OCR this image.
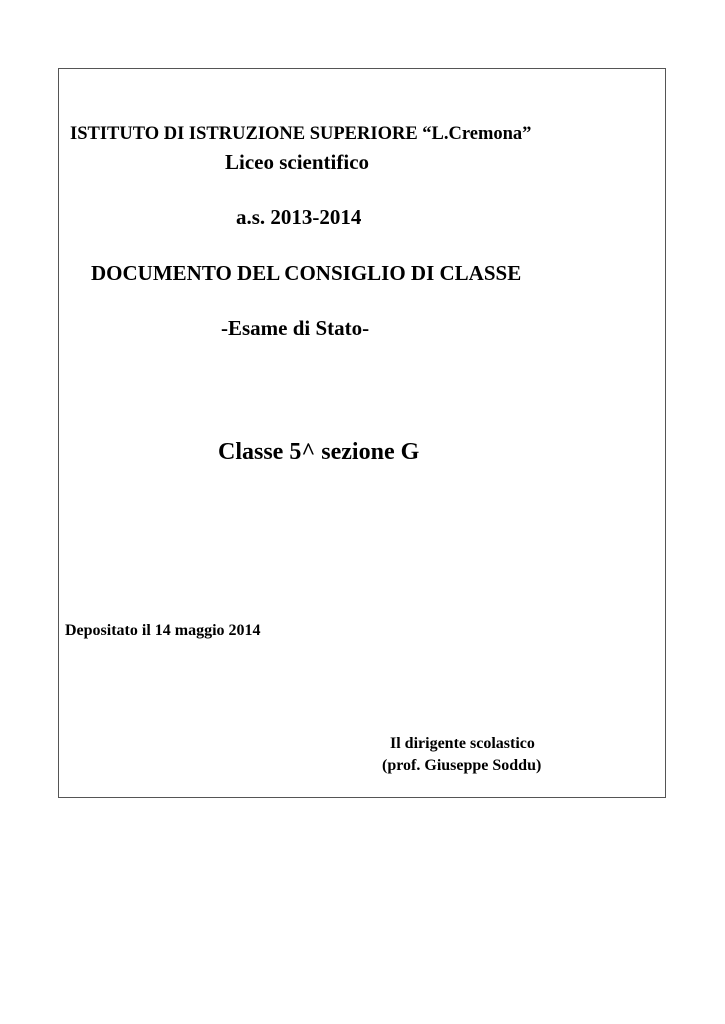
ISTITUTO DI ISTRUZIONE SUPERIORE “L.Cremona”
Liceo scientifico
a.s. 2013-2014
DOCUMENTO DEL CONSIGLIO DI CLASSE
-Esame di Stato-
Classe 5^ sezione G
Depositato il 14 maggio 2014
Il dirigente scolastico
(prof. Giuseppe Soddu)
